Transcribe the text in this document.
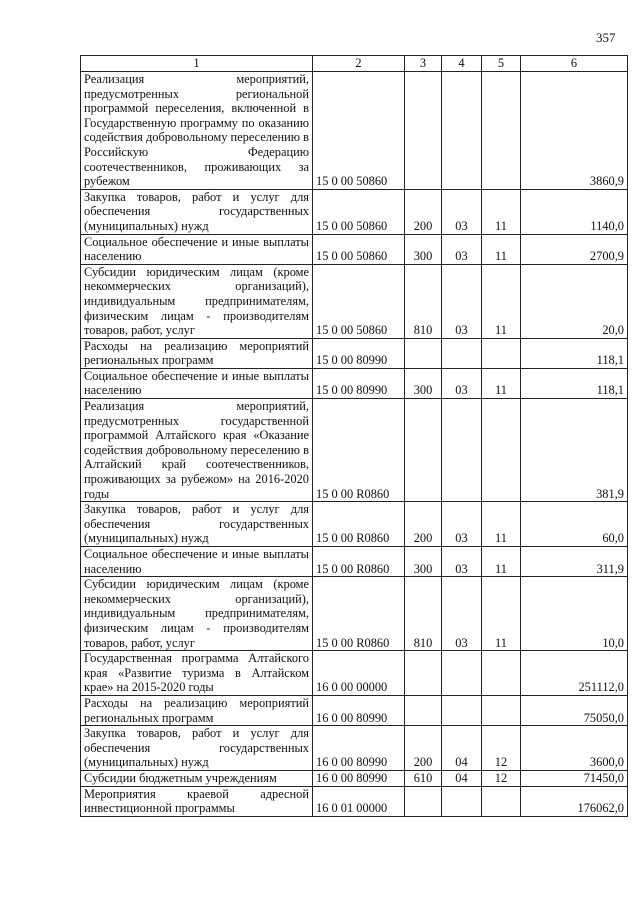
357
1	2	3	4	5	6
Реализация мероприятий, предусмотренных региональной программой переселения, включенной в Государственную программу по оказанию содействия добровольному переселению в Российскую Федерацию соотечественников, проживающих за рубежом	15 0 00 50860				3860,9
Закупка товаров, работ и услуг для обеспечения государственных (муниципальных) нужд	15 0 00 50860	200	03	11	1140,0
Социальное обеспечение и иные выплаты населению	15 0 00 50860	300	03	11	2700,9
Субсидии юридическим лицам (кроме некоммерческих организаций), индивидуальным предпринимателям, физическим лицам - производителям товаров, работ, услуг	15 0 00 50860	810	03	11	20,0
Расходы на реализацию мероприятий региональных программ	15 0 00 80990				118,1
Социальное обеспечение и иные выплаты населению	15 0 00 80990	300	03	11	118,1
Реализация мероприятий, предусмотренных государственной программой Алтайского края «Оказание содействия добровольному переселению в Алтайский край соотечественников, проживающих за рубежом» на 2016-2020 годы	15 0 00 R0860				381,9
Закупка товаров, работ и услуг для обеспечения государственных (муниципальных) нужд	15 0 00 R0860	200	03	11	60,0
Социальное обеспечение и иные выплаты населению	15 0 00 R0860	300	03	11	311,9
Субсидии юридическим лицам (кроме некоммерческих организаций), индивидуальным предпринимателям, физическим лицам - производителям товаров, работ, услуг	15 0 00 R0860	810	03	11	10,0
Государственная программа Алтайского края «Развитие туризма в Алтайском крае» на 2015-2020 годы	16 0 00 00000				251112,0
Расходы на реализацию мероприятий региональных программ	16 0 00 80990				75050,0
Закупка товаров, работ и услуг для обеспечения государственных (муниципальных) нужд	16 0 00 80990	200	04	12	3600,0
Субсидии бюджетным учреждениям	16 0 00 80990	610	04	12	71450,0
Мероприятия краевой адресной инвестиционной программы	16 0 01 00000				176062,0
